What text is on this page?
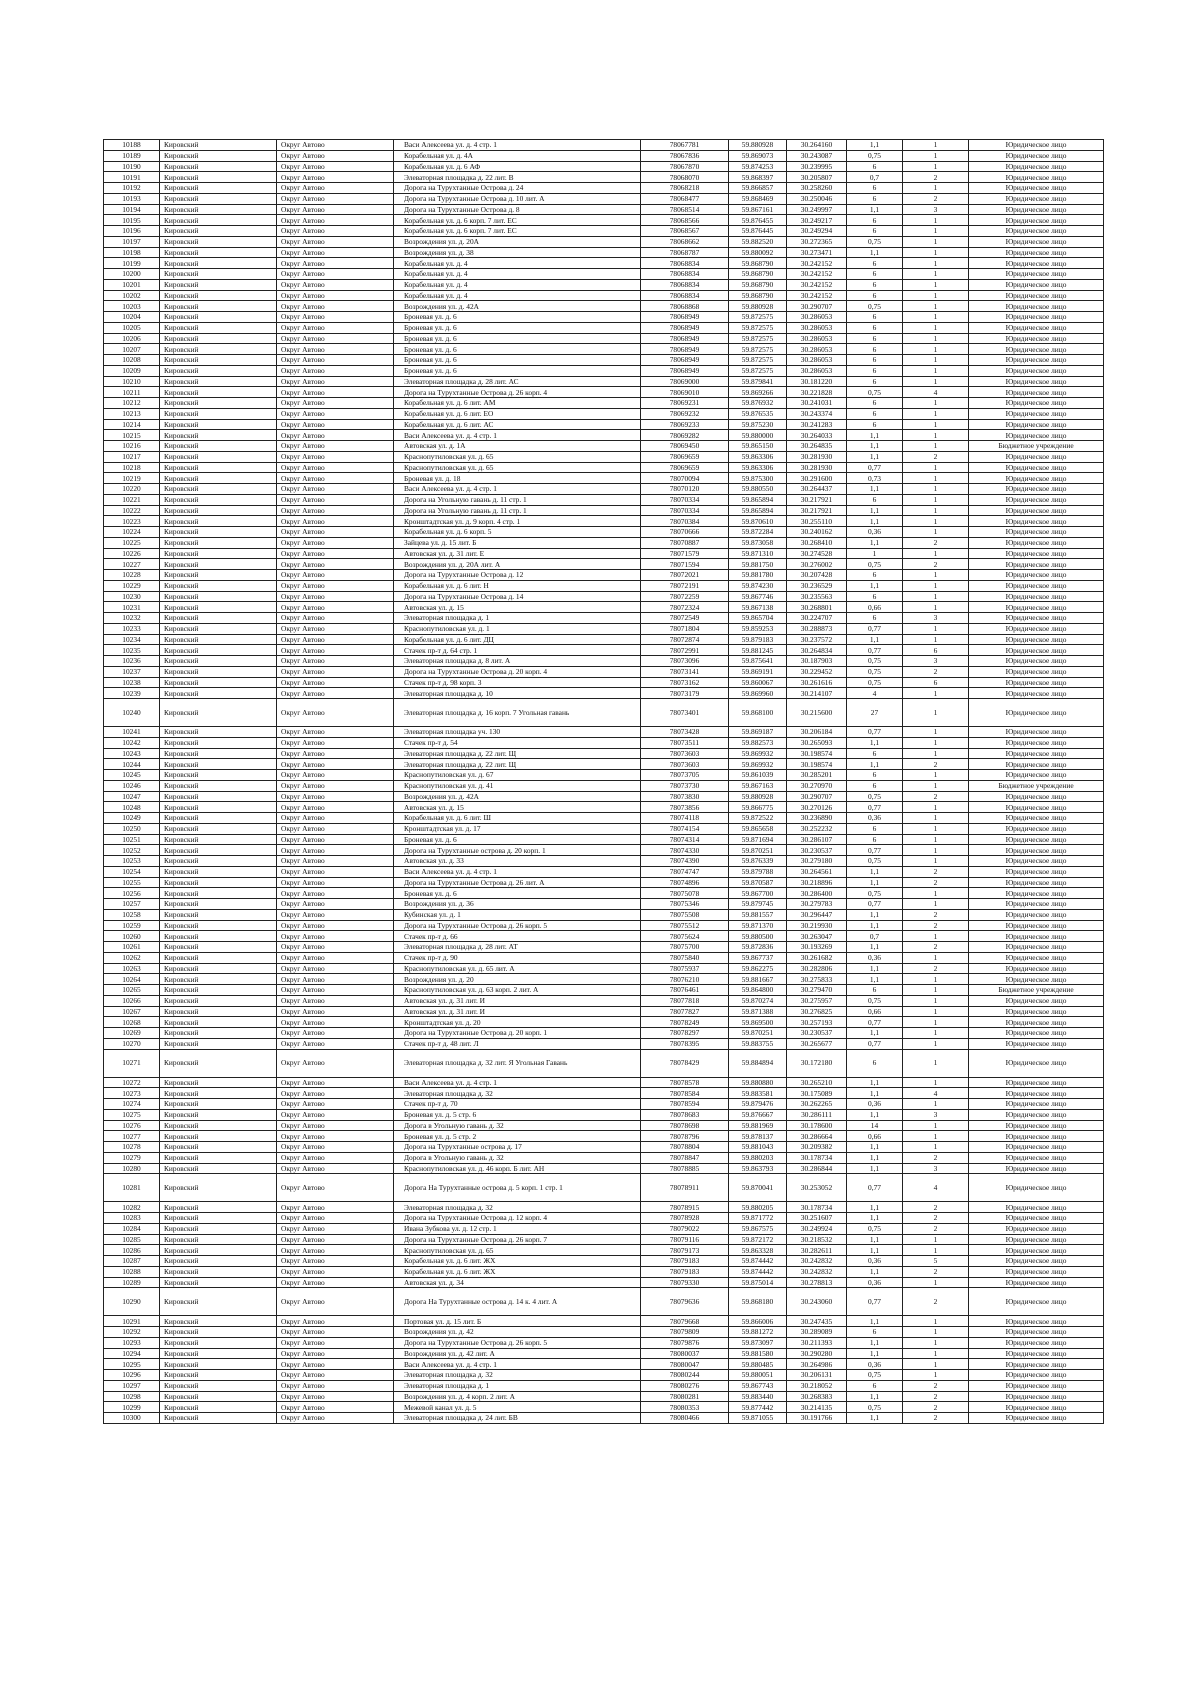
10188	Кировский	Округ Автово	Васи Алексеева ул. д. 4 стр. 1	78067781	59.880928	30.264160	1,1	1	Юридическое лицо
10189	Кировский	Округ Автово	Корабельная ул. д. 4А	78067836	59.869073	30.243087	0,75	1	Юридическое лицо
10190	Кировский	Округ Автово	Корабельная ул. д. 6 АФ	78067870	59.874253	30.239995	6	1	Юридическое лицо
10191	Кировский	Округ Автово	Элеваторная площадка д. 22 лит. В	78068070	59.868397	30.205807	0,7	2	Юридическое лицо
10192	Кировский	Округ Автово	Дорога на Турухтанные Острова д. 24	78068218	59.866857	30.258260	6	1	Юридическое лицо
10193	Кировский	Округ Автово	Дорога на Турухтанные Острова д. 10 лит. А	78068477	59.868469	30.250046	6	2	Юридическое лицо
10194	Кировский	Округ Автово	Дорога на Турухтанные Острова д. 8	78068514	59.867161	30.249997	1,1	3	Юридическое лицо
10195	Кировский	Округ Автово	Корабельная ул. д. 6 корп. 7 лит. ЕС	78068566	59.876455	30.249217	6	1	Юридическое лицо
10196	Кировский	Округ Автово	Корабельная ул. д. 6 корп. 7 лит. ЕС	78068567	59.876445	30.249294	6	1	Юридическое лицо
10197	Кировский	Округ Автово	Возрождения ул. д. 20А	78068662	59.882520	30.272365	0,75	1	Юридическое лицо
10198	Кировский	Округ Автово	Возрождения ул. д. 38	78068787	59.880092	30.273471	1,1	1	Юридическое лицо
10199	Кировский	Округ Автово	Корабельная ул. д. 4	78068834	59.868790	30.242152	6	1	Юридическое лицо
10200	Кировский	Округ Автово	Корабельная ул. д. 4	78068834	59.868790	30.242152	6	1	Юридическое лицо
10201	Кировский	Округ Автово	Корабельная ул. д. 4	78068834	59.868790	30.242152	6	1	Юридическое лицо
10202	Кировский	Округ Автово	Корабельная ул. д. 4	78068834	59.868790	30.242152	6	1	Юридическое лицо
10203	Кировский	Округ Автово	Возрождения ул. д. 42А	78068868	59.880928	30.290707	0,75	1	Юридическое лицо
10204	Кировский	Округ Автово	Броневая ул. д. 6	78068949	59.872575	30.286053	6	1	Юридическое лицо
10205	Кировский	Округ Автово	Броневая ул. д. 6	78068949	59.872575	30.286053	6	1	Юридическое лицо
10206	Кировский	Округ Автово	Броневая ул. д. 6	78068949	59.872575	30.286053	6	1	Юридическое лицо
10207	Кировский	Округ Автово	Броневая ул. д. 6	78068949	59.872575	30.286053	6	1	Юридическое лицо
10208	Кировский	Округ Автово	Броневая ул. д. 6	78068949	59.872575	30.286053	6	1	Юридическое лицо
10209	Кировский	Округ Автово	Броневая ул. д. 6	78068949	59.872575	30.286053	6	1	Юридическое лицо
10210	Кировский	Округ Автово	Элеваторная площадка д. 28 лит. АС	78069000	59.879841	30.181220	6	1	Юридическое лицо
10211	Кировский	Округ Автово	Дорога на Турухтанные Острова д. 26 корп. 4	78069010	59.869266	30.221828	0,75	4	Юридическое лицо
10212	Кировский	Округ Автово	Корабельная ул. д. 6 лит. АМ	78069231	59.876932	30.241031	6	1	Юридическое лицо
10213	Кировский	Округ Автово	Корабельная ул. д. 6 лит. ЕО	78069232	59.876535	30.243374	6	1	Юридическое лицо
10214	Кировский	Округ Автово	Корабельная ул. д. 6 лит. АС	78069233	59.875230	30.241283	6	1	Юридическое лицо
10215	Кировский	Округ Автово	Васи Алексеева ул. д. 4 стр. 1	78069282	59.880000	30.264033	1,1	1	Юридическое лицо
10216	Кировский	Округ Автово	Автовская ул. д. 1А	78069450	59.865150	30.264835	1,1	1	Бюджетное учреждение
10217	Кировский	Округ Автово	Краснопутиловская ул. д. 65	78069659	59.863306	30.281930	1,1	2	Юридическое лицо
10218	Кировский	Округ Автово	Краснопутиловская ул. д. 65	78069659	59.863306	30.281930	0,77	1	Юридическое лицо
10219	Кировский	Округ Автово	Броневая ул. д. 18	78070094	59.875300	30.291600	0,73	1	Юридическое лицо
10220	Кировский	Округ Автово	Васи Алексеева ул. д. 4 стр. 1	78070120	59.880550	30.264437	1,1	1	Юридическое лицо
10221	Кировский	Округ Автово	Дорога на Угольную гавань д. 11 стр. 1	78070334	59.865894	30.217921	6	1	Юридическое лицо
10222	Кировский	Округ Автово	Дорога на Угольную гавань д. 11 стр. 1	78070334	59.865894	30.217921	1,1	1	Юридическое лицо
10223	Кировский	Округ Автово	Кронштадтская ул. д. 9 корп. 4 стр. 1	78070384	59.870610	30.255110	1,1	1	Юридическое лицо
10224	Кировский	Округ Автово	Корабельная ул. д. 6 корп. 5	78070666	59.872284	30.240162	0,36	1	Юридическое лицо
10225	Кировский	Округ Автово	Зайцева ул. д. 15 лит. Б	78070887	59.873058	30.268410	1,1	2	Юридическое лицо
10226	Кировский	Округ Автово	Автовская ул. д. 31 лит. Е	78071579	59.871310	30.274528	1	1	Юридическое лицо
10227	Кировский	Округ Автово	Возрождения ул. д. 20А лит. А	78071594	59.881750	30.276002	0,75	2	Юридическое лицо
10228	Кировский	Округ Автово	Дорога на Турухтанные Острова д. 12	78072021	59.881780	30.207428	6	1	Юридическое лицо
10229	Кировский	Округ Автово	Корабельная ул. д. 6 лит. Н	78072191	59.874230	30.236529	1,1	1	Юридическое лицо
10230	Кировский	Округ Автово	Дорога на Турухтанные Острова д. 14	78072259	59.867746	30.235563	6	1	Юридическое лицо
10231	Кировский	Округ Автово	Автовская ул. д. 15	78072324	59.867138	30.268801	0,66	1	Юридическое лицо
10232	Кировский	Округ Автово	Элеваторная площадка д. 1	78072549	59.865704	30.224707	6	3	Юридическое лицо
10233	Кировский	Округ Автово	Краснопутиловская ул. д. 1	78071804	59.859253	30.288873	0,77	1	Юридическое лицо
10234	Кировский	Округ Автово	Корабельная ул. д. 6 лит. ДЦ	78072874	59.879183	30.237572	1,1	1	Юридическое лицо
10235	Кировский	Округ Автово	Стачек пр-т д. 64 стр. 1	78072991	59.881245	30.264834	0,77	6	Юридическое лицо
10236	Кировский	Округ Автово	Элеваторная площадка д. 8 лит. А	78073096	59.875641	30.187903	0,75	3	Юридическое лицо
10237	Кировский	Округ Автово	Дорога на Турухтанные Острова д. 20 корп. 4	78073141	59.869191	30.229452	0,75	2	Юридическое лицо
10238	Кировский	Округ Автово	Стачек пр-т д. 98 корп. 3	78073162	59.860067	30.261616	0,75	6	Юридическое лицо
10239	Кировский	Округ Автово	Элеваторная площадка д. 10	78073179	59.869960	30.214107	4	1	Юридическое лицо
10240	Кировский	Округ Автово	Элеваторная площадка д. 16 корп. 7 Угольная гавань	78073401	59.868100	30.215600	27	1	Юридическое лицо
10241	Кировский	Округ Автово	Элеваторная площадка уч. 130	78073428	59.869187	30.206184	0,77	1	Юридическое лицо
10242	Кировский	Округ Автово	Стачек пр-т д. 54	78073511	59.882573	30.265093	1,1	1	Юридическое лицо
10243	Кировский	Округ Автово	Элеваторная площадка д. 22 лит. Щ	78073603	59.869932	30.198574	6	1	Юридическое лицо
10244	Кировский	Округ Автово	Элеваторная площадка д. 22 лит. Щ	78073603	59.869932	30.198574	1,1	2	Юридическое лицо
10245	Кировский	Округ Автово	Краснопутиловская ул. д. 67	78073705	59.861039	30.285201	6	1	Юридическое лицо
10246	Кировский	Округ Автово	Краснопутиловская ул. д. 41	78073730	59.867163	30.270970	6	1	Бюджетное учреждение
10247	Кировский	Округ Автово	Возрождения ул. д. 42А	78073830	59.880928	30.290707	0,75	2	Юридическое лицо
10248	Кировский	Округ Автово	Автовская ул. д. 15	78073856	59.866775	30.270126	0,77	1	Юридическое лицо
10249	Кировский	Округ Автово	Корабельная ул. д. 6 лит. Ш	78074118	59.872522	30.236890	0,36	1	Юридическое лицо
10250	Кировский	Округ Автово	Кронштадтская ул. д. 17	78074154	59.865658	30.252232	6	1	Юридическое лицо
10251	Кировский	Округ Автово	Броневая ул. д. 6	78074314	59.871694	30.286107	6	1	Юридическое лицо
10252	Кировский	Округ Автово	Дорога на Турухтанные острова д. 20 корп. 1	78074330	59.870251	30.230537	0,77	1	Юридическое лицо
10253	Кировский	Округ Автово	Автовская ул. д. 33	78074390	59.876339	30.279180	0,75	1	Юридическое лицо
10254	Кировский	Округ Автово	Васи Алексеева ул. д. 4 стр. 1	78074747	59.879788	30.264561	1,1	2	Юридическое лицо
10255	Кировский	Округ Автово	Дорога на Турухтанные Острова д. 26 лит. А	78074896	59.870587	30.218896	1,1	2	Юридическое лицо
10256	Кировский	Округ Автово	Броневая ул. д. 6	78075078	59.867700	30.286400	0,75	1	Юридическое лицо
10257	Кировский	Округ Автово	Возрождения ул. д. 36	78075346	59.879745	30.279783	0,77	1	Юридическое лицо
10258	Кировский	Округ Автово	Кубинская ул. д. 1	78075508	59.881557	30.296447	1,1	2	Юридическое лицо
10259	Кировский	Округ Автово	Дорога на Турухтанные Острова д. 26 корп. 5	78075512	59.871370	30.219930	1,1	2	Юридическое лицо
10260	Кировский	Округ Автово	Стачек пр-т д. 66	78075624	59.880500	30.263047	0,7	1	Юридическое лицо
10261	Кировский	Округ Автово	Элеваторная площадка д. 28 лит. АТ	78075700	59.872836	30.193269	1,1	2	Юридическое лицо
10262	Кировский	Округ Автово	Стачек пр-т д. 90	78075840	59.867737	30.261682	0,36	1	Юридическое лицо
10263	Кировский	Округ Автово	Краснопутиловская ул. д. 65 лит. А	78075937	59.862275	30.282806	1,1	2	Юридическое лицо
10264	Кировский	Округ Автово	Возрождения ул. д. 20	78076210	59.881667	30.275833	1,1	1	Юридическое лицо
10265	Кировский	Округ Автово	Краснопутиловская ул. д. 63 корп. 2 лит. А	78076461	59.864800	30.279470	6	1	Бюджетное учреждение
10266	Кировский	Округ Автово	Автовская ул. д. 31 лит. И	78077818	59.870274	30.275957	0,75	1	Юридическое лицо
10267	Кировский	Округ Автово	Автовская ул. д. 31 лит. И	78077827	59.871388	30.276825	0,66	1	Юридическое лицо
10268	Кировский	Округ Автово	Кронштадтская ул. д. 20	78078249	59.869500	30.257193	0,77	1	Юридическое лицо
10269	Кировский	Округ Автово	Дорога на Турухтанные Острова д. 20 корп. 1	78078297	59.870251	30.230537	1,1	1	Юридическое лицо
10270	Кировский	Округ Автово	Стачек пр-т д. 48 лит. Л	78078395	59.883755	30.265677	0,77	1	Юридическое лицо
10271	Кировский	Округ Автово	Элеваторная площадка д. 32 лит. Я Угольная Гавань	78078429	59.884894	30.172180	6	1	Юридическое лицо
10272	Кировский	Округ Автово	Васи Алексеева ул. д. 4 стр. 1	78078578	59.880880	30.265210	1,1	1	Юридическое лицо
10273	Кировский	Округ Автово	Элеваторная площадка д. 32	78078584	59.883581	30.175089	1,1	4	Юридическое лицо
10274	Кировский	Округ Автово	Стачек пр-т д. 70	78078594	59.879476	30.262265	0,36	1	Юридическое лицо
10275	Кировский	Округ Автово	Броневая ул. д. 5 стр. 6	78078683	59.876667	30.286111	1,1	3	Юридическое лицо
10276	Кировский	Округ Автово	Дорога в Угольную гавань д. 32	78078698	59.881969	30.178600	14	1	Юридическое лицо
10277	Кировский	Округ Автово	Броневая ул. д. 5 стр. 2	78078796	59.878137	30.286664	0,66	1	Юридическое лицо
10278	Кировский	Округ Автово	Дорога на Турухтанные острова д. 17	78078804	59.881043	30.209382	1,1	1	Юридическое лицо
10279	Кировский	Округ Автово	Дорога в Угольную гавань д. 32	78078847	59.880203	30.178734	1,1	2	Юридическое лицо
10280	Кировский	Округ Автово	Краснопутиловская ул. д. 46 корп. Б лит. АН	78078885	59.863793	30.286844	1,1	3	Юридическое лицо
10281	Кировский	Округ Автово	Дорога На Турухтанные острова д. 5 корп. 1 стр. 1	78078911	59.870041	30.253052	0,77	4	Юридическое лицо
10282	Кировский	Округ Автово	Элеваторная площадка д. 32	78078915	59.880205	30.178734	1,1	2	Юридическое лицо
10283	Кировский	Округ Автово	Дорога на Турухтанные Острова д. 12 корп. 4	78078928	59.871772	30.251607	1,1	2	Юридическое лицо
10284	Кировский	Округ Автово	Ивана Зубкова ул. д. 12 стр. 1	78079022	59.867575	30.249924	0,75	2	Юридическое лицо
10285	Кировский	Округ Автово	Дорога на Турухтанные Острова д. 26 корп. 7	78079116	59.872172	30.218532	1,1	1	Юридическое лицо
10286	Кировский	Округ Автово	Краснопутиловская ул. д. 65	78079173	59.863328	30.282611	1,1	1	Юридическое лицо
10287	Кировский	Округ Автово	Корабельная ул. д. 6 лит. ЖХ	78079183	59.874442	30.242832	0,36	5	Юридическое лицо
10288	Кировский	Округ Автово	Корабельная ул. д. 6 лит. ЖХ	78079183	59.874442	30.242832	1,1	2	Юридическое лицо
10289	Кировский	Округ Автово	Автовская ул. д. 34	78079330	59.875014	30.278813	0,36	1	Юридическое лицо
10290	Кировский	Округ Автово	Дорога На Турухтанные острова д. 14 к. 4 лит. А	78079636	59.868180	30.243060	0,77	2	Юридическое лицо
10291	Кировский	Округ Автово	Портовая ул. д. 15 лит. Б	78079668	59.866006	30.247435	1,1	1	Юридическое лицо
10292	Кировский	Округ Автово	Возрождения ул. д. 42	78079809	59.881272	30.289089	6	1	Юридическое лицо
10293	Кировский	Округ Автово	Дорога на Турухтанные Острова д. 26 корп. 5	78079876	59.873097	30.211393	1,1	1	Юридическое лицо
10294	Кировский	Округ Автово	Возрождения ул. д. 42 лит. А	78080037	59.881580	30.290280	1,1	1	Юридическое лицо
10295	Кировский	Округ Автово	Васи Алексеева ул. д. 4 стр. 1	78080047	59.880485	30.264986	0,36	1	Юридическое лицо
10296	Кировский	Округ Автово	Элеваторная площадка д. 32	78080244	59.880051	30.206131	0,75	1	Юридическое лицо
10297	Кировский	Округ Автово	Элеваторная площадка д. 1	78080276	59.867743	30.218052	6	2	Юридическое лицо
10298	Кировский	Округ Автово	Возрождения ул. д. 4 корп. 2 лит. А	78080281	59.883440	30.268383	1,1	2	Юридическое лицо
10299	Кировский	Округ Автово	Межевой канал ул. д. 5	78080353	59.877442	30.214135	0,75	2	Юридическое лицо
10300	Кировский	Округ Автово	Элеваторная площадка д. 24 лит. БВ	78080466	59.871055	30.191766	1,1	2	Юридическое лицо
